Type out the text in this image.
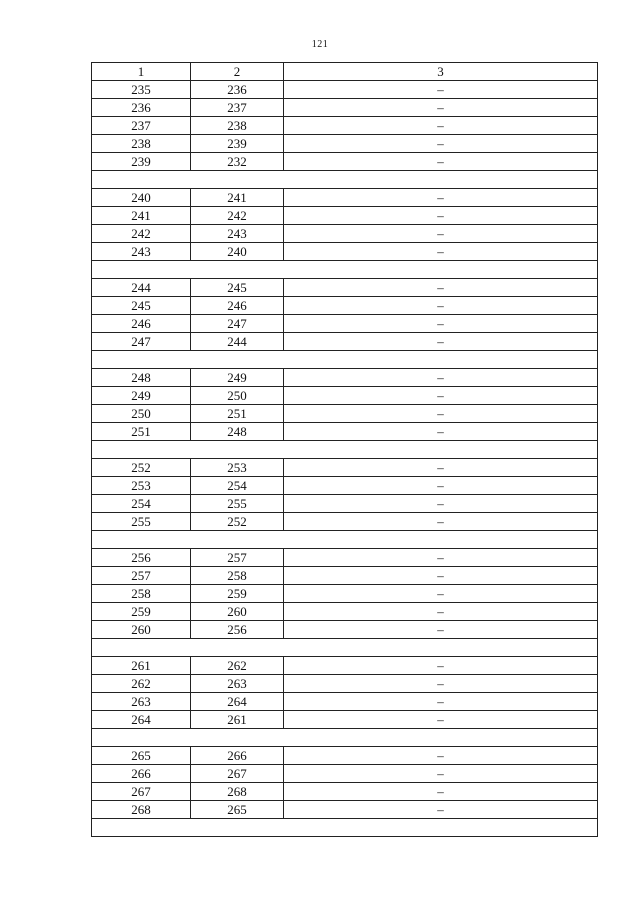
121
1	2	3
235	236	–
236	237	–
237	238	–
238	239	–
239	232	–

240	241	–
241	242	–
242	243	–
243	240	–

244	245	–
245	246	–
246	247	–
247	244	–

248	249	–
249	250	–
250	251	–
251	248	–

252	253	–
253	254	–
254	255	–
255	252	–

256	257	–
257	258	–
258	259	–
259	260	–
260	256	–

261	262	–
262	263	–
263	264	–
264	261	–

265	266	–
266	267	–
267	268	–
268	265	–
